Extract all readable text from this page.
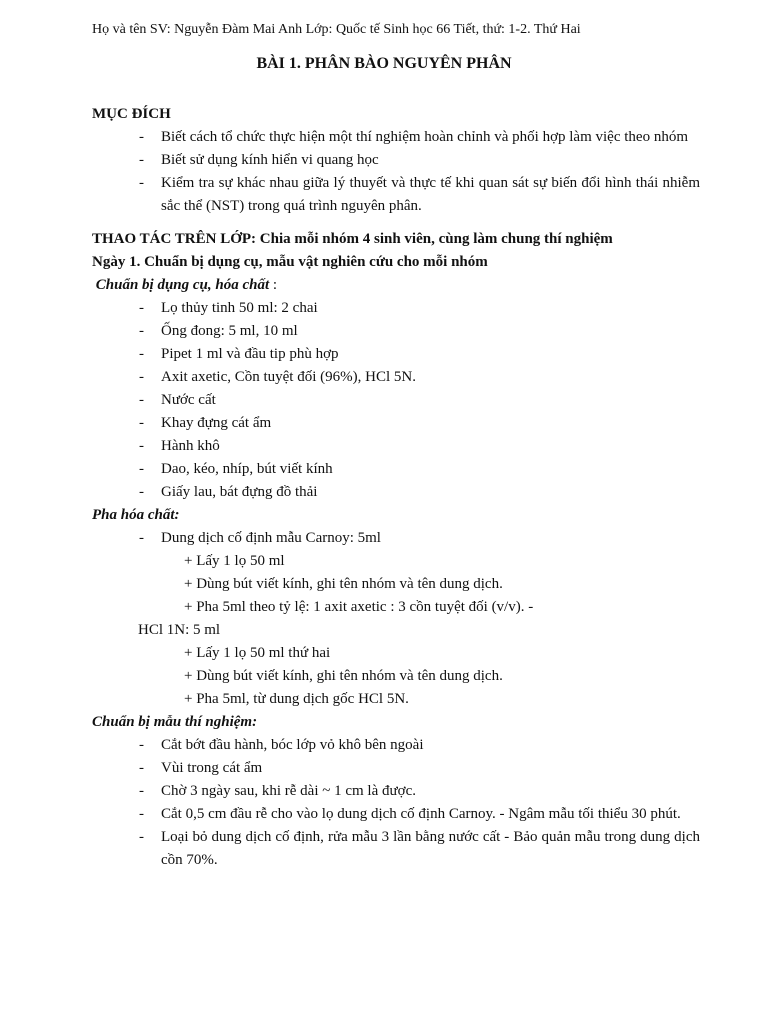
Họ và tên SV: Nguyễn Đàm Mai Anh Lớp: Quốc tế Sinh học 66 Tiết, thứ: 1-2. Thứ Hai
BÀI 1. PHÂN BÀO NGUYÊN PHÂN
MỤC ĐÍCH
- Biết cách tổ chức thực hiện một thí nghiệm hoàn chỉnh và phối hợp làm việc theo nhóm
- Biết sử dụng kính hiển vi quang học
- Kiểm tra sự khác nhau giữa lý thuyết và thực tế khi quan sát sự biến đổi hình thái nhiễm sắc thể (NST) trong quá trình nguyên phân.
THAO TÁC TRÊN LỚP: Chia mỗi nhóm 4 sinh viên, cùng làm chung thí nghiệm
Ngày 1. Chuẩn bị dụng cụ, mẫu vật nghiên cứu cho mỗi nhóm
Chuẩn bị dụng cụ, hóa chất :
- Lọ thủy tinh 50 ml: 2 chai
- Ống đong: 5 ml, 10 ml
- Pipet 1 ml và đầu tip phù hợp
- Axit axetic, Cồn tuyệt đối (96%), HCl 5N.
- Nước cất
- Khay đựng cát ẩm
- Hành khô
- Dao, kéo, nhíp, bút viết kính
- Giấy lau, bát đựng đồ thải
Pha hóa chất:
- Dung dịch cố định mẫu Carnoy: 5ml
+ Lấy 1 lọ 50 ml
+ Dùng bút viết kính, ghi tên nhóm và tên dung dịch.
+ Pha 5ml theo tỷ lệ: 1 axit axetic : 3 cồn tuyệt đối (v/v). -
HCl 1N: 5 ml
+ Lấy 1 lọ 50 ml thứ hai
+ Dùng bút viết kính, ghi tên nhóm và tên dung dịch.
+ Pha 5ml, từ dung dịch gốc HCl 5N.
Chuẩn bị mẫu thí nghiệm:
- Cắt bớt đầu hành, bóc lớp vỏ khô bên ngoài
- Vùi trong cát ẩm
- Chờ 3 ngày sau, khi rễ dài ~ 1 cm là được.
- Cắt 0,5 cm đầu rễ cho vào lọ dung dịch cố định Carnoy. - Ngâm mẫu tối thiểu 30 phút.
- Loại bỏ dung dịch cố định, rửa mẫu 3 lần bằng nước cất - Bảo quản mẫu trong dung dịch cồn 70%.
